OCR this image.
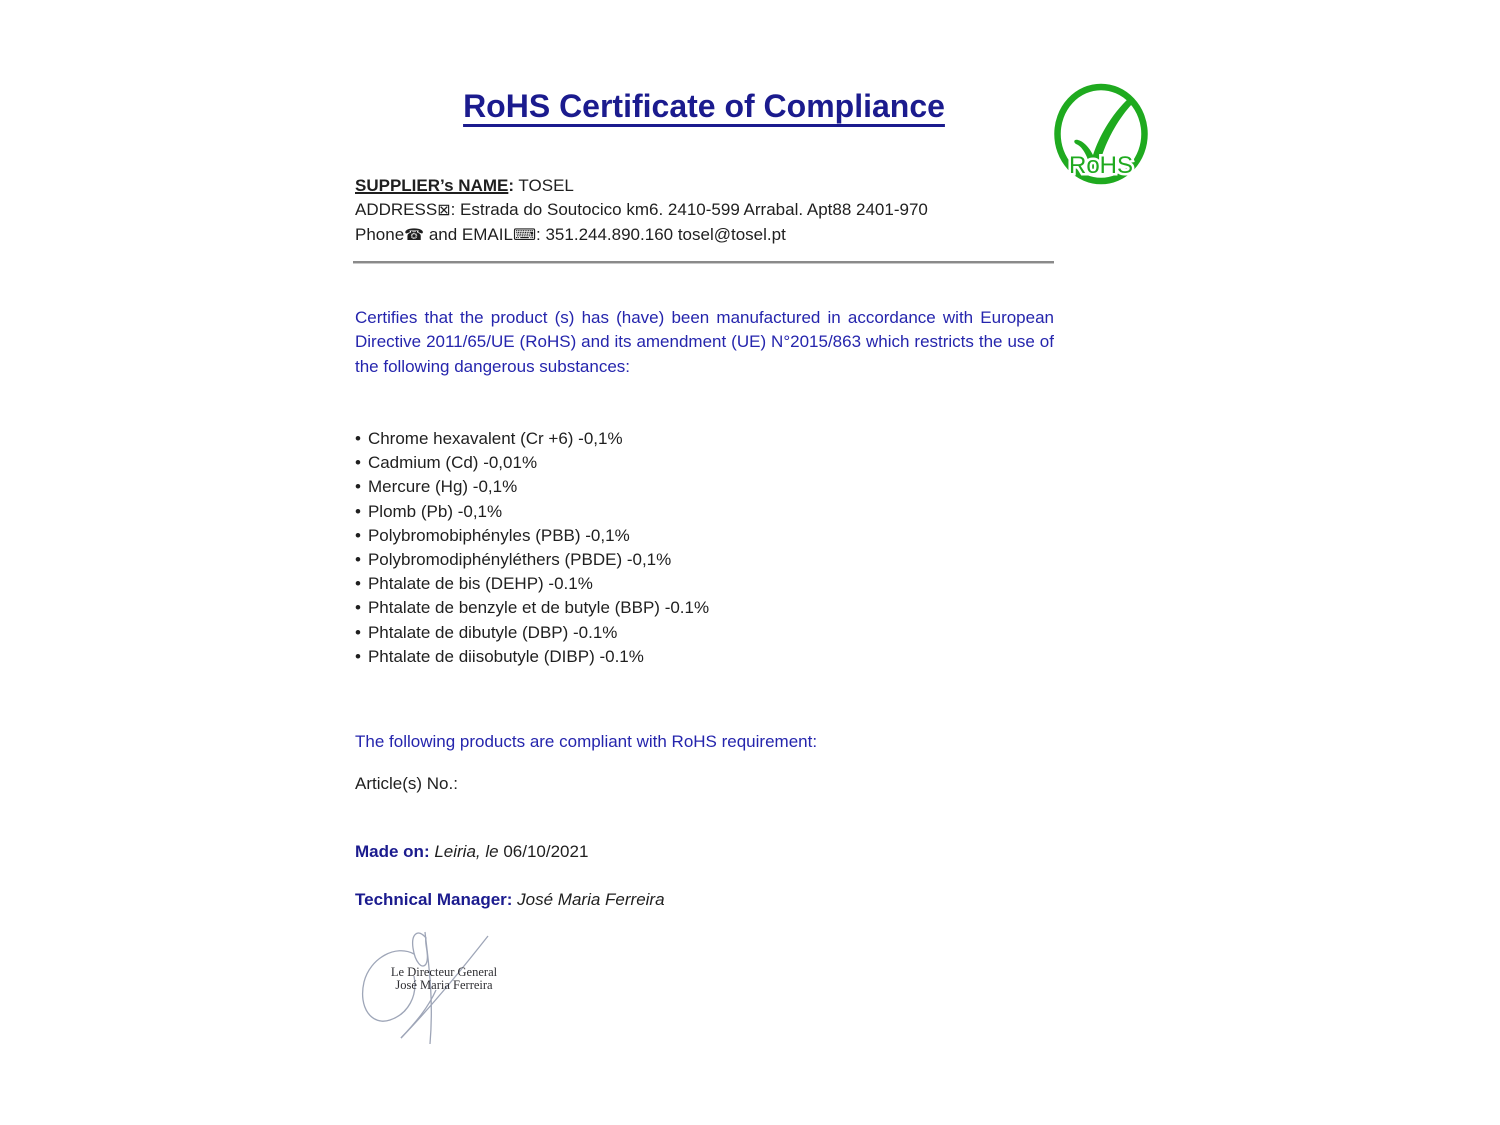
RoHS Certificate of Compliance
RoHS
SUPPLIER’s NAME: TOSEL
ADDRESS⊠: Estrada do Soutocico km6. 2410-599 Arrabal. Apt88 2401-970
Phone☎ and EMAIL⌨: 351.244.890.160 tosel@tosel.pt

Certifies that the product (s) has (have) been manufactured in accordance with European Directive 2011/65/UE (RoHS) and its amendment (UE) N°2015/863 which restricts the use of the following dangerous substances:

• Chrome hexavalent (Cr +6) -0,1%
• Cadmium (Cd) -0,01%
• Mercure (Hg) -0,1%
• Plomb (Pb) -0,1%
• Polybromobiphényles (PBB) -0,1%
• Polybromodiphényléthers (PBDE) -0,1%
• Phtalate de bis (DEHP) -0.1%
• Phtalate de benzyle et de butyle (BBP) -0.1%
• Phtalate de dibutyle (DBP) -0.1%
• Phtalate de diisobutyle (DIBP) -0.1%

The following products are compliant with RoHS requirement:

Article(s) No.:

Made on: Leiria, le 06/10/2021

Technical Manager: José Maria Ferreira

Le Directeur General
José Maria Ferreira
